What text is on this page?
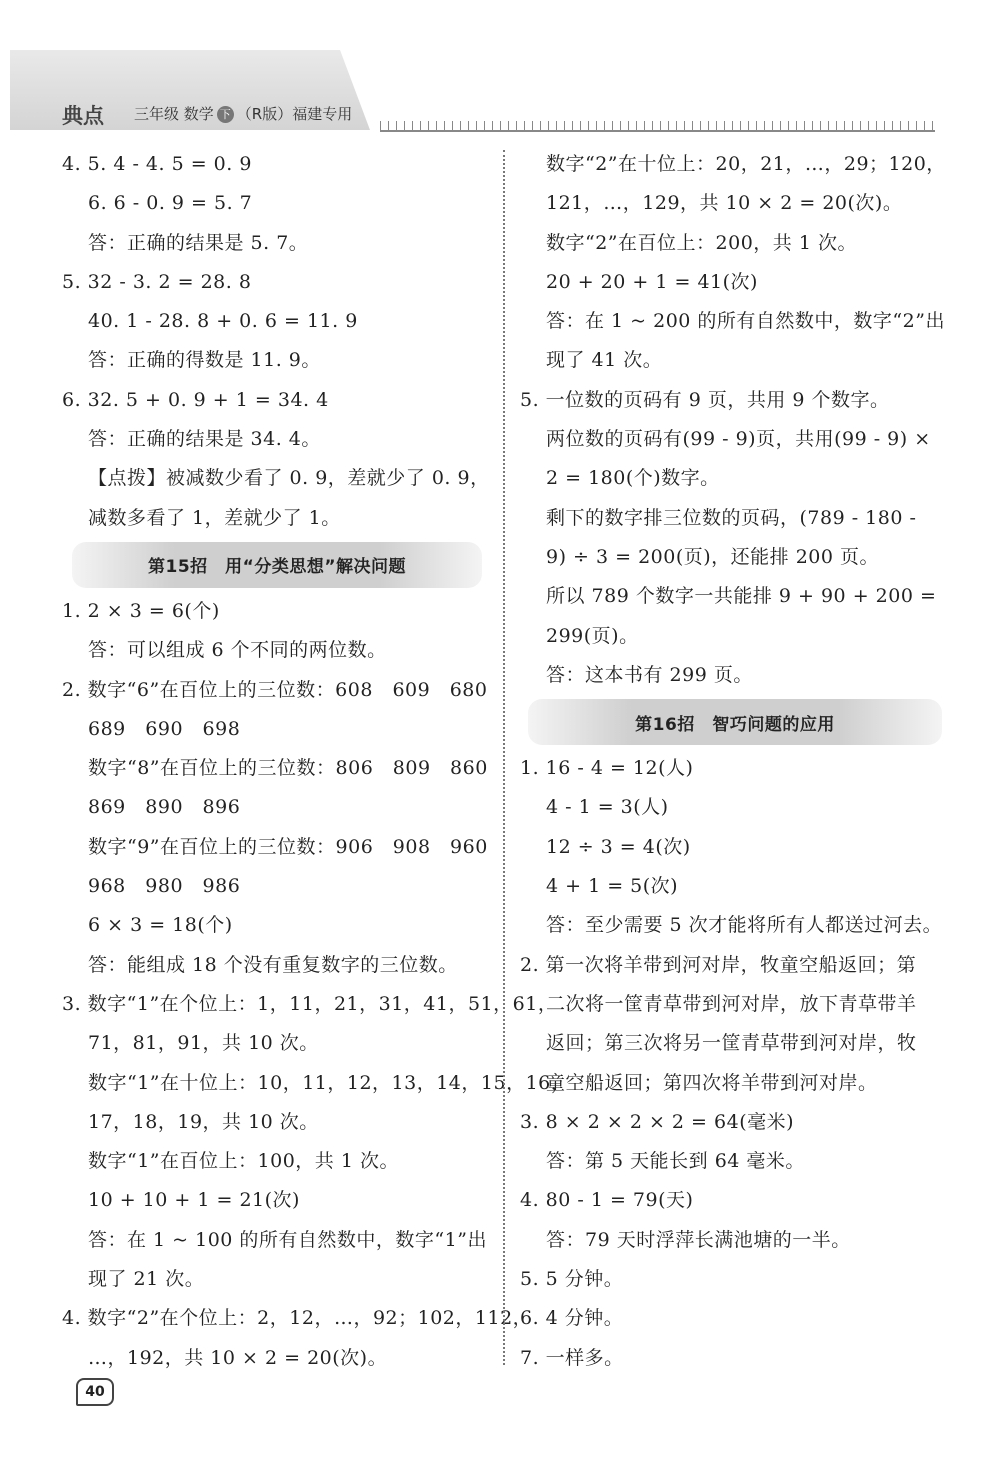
典点 三年级 数学 下 （R版）福建专用
4. 5. 4 - 4. 5 = 0. 9
6. 6 - 0. 9 = 5. 7
答：正确的结果是 5. 7。
5. 32 - 3. 2 = 28. 8
40. 1 - 28. 8 + 0. 6 = 11. 9
答：正确的得数是 11. 9。
6. 32. 5 + 0. 9 + 1 = 34. 4
答：正确的结果是 34. 4。
【点拨】被减数少看了 0. 9，差就少了 0. 9，
减数多看了 1，差就少了 1。
第15招　用“分类思想”解决问题
1. 2 × 3 = 6(个)
答：可以组成 6 个不同的两位数。
2. 数字“6”在百位上的三位数：608　609　680
689　690　698
数字“8”在百位上的三位数：806　809　860
869　890　896
数字“9”在百位上的三位数：906　908　960
968　980　986
6 × 3 = 18(个)
答：能组成 18 个没有重复数字的三位数。
3. 数字“1”在个位上：1，11，21，31，41，51，61，
71，81，91，共 10 次。
数字“1”在十位上：10，11，12，13，14，15，16，
17，18，19，共 10 次。
数字“1”在百位上：100，共 1 次。
10 + 10 + 1 = 21(次)
答：在 1 ~ 100 的所有自然数中，数字“1”出
现了 21 次。
4. 数字“2”在个位上：2，12，…，92；102，112，
…，192，共 10 × 2 = 20(次)。
数字“2”在十位上：20，21，…，29；120，
121，…，129，共 10 × 2 = 20(次)。
数字“2”在百位上：200，共 1 次。
20 + 20 + 1 = 41(次)
答：在 1 ~ 200 的所有自然数中，数字“2”出
现了 41 次。
5. 一位数的页码有 9 页，共用 9 个数字。
两位数的页码有(99 - 9)页，共用(99 - 9) ×
2 = 180(个)数字。
剩下的数字排三位数的页码，(789 - 180 -
9) ÷ 3 = 200(页)，还能排 200 页。
所以 789 个数字一共能排 9 + 90 + 200 =
299(页)。
答：这本书有 299 页。
第16招　智巧问题的应用
1. 16 - 4 = 12(人)
4 - 1 = 3(人)
12 ÷ 3 = 4(次)
4 + 1 = 5(次)
答：至少需要 5 次才能将所有人都送过河去。
2. 第一次将羊带到河对岸，牧童空船返回；第
二次将一筐青草带到河对岸，放下青草带羊
返回；第三次将另一筐青草带到河对岸，牧
童空船返回；第四次将羊带到河对岸。
3. 8 × 2 × 2 × 2 = 64(毫米)
答：第 5 天能长到 64 毫米。
4. 80 - 1 = 79(天)
答：79 天时浮萍长满池塘的一半。
5. 5 分钟。
6. 4 分钟。
7. 一样多。
40
